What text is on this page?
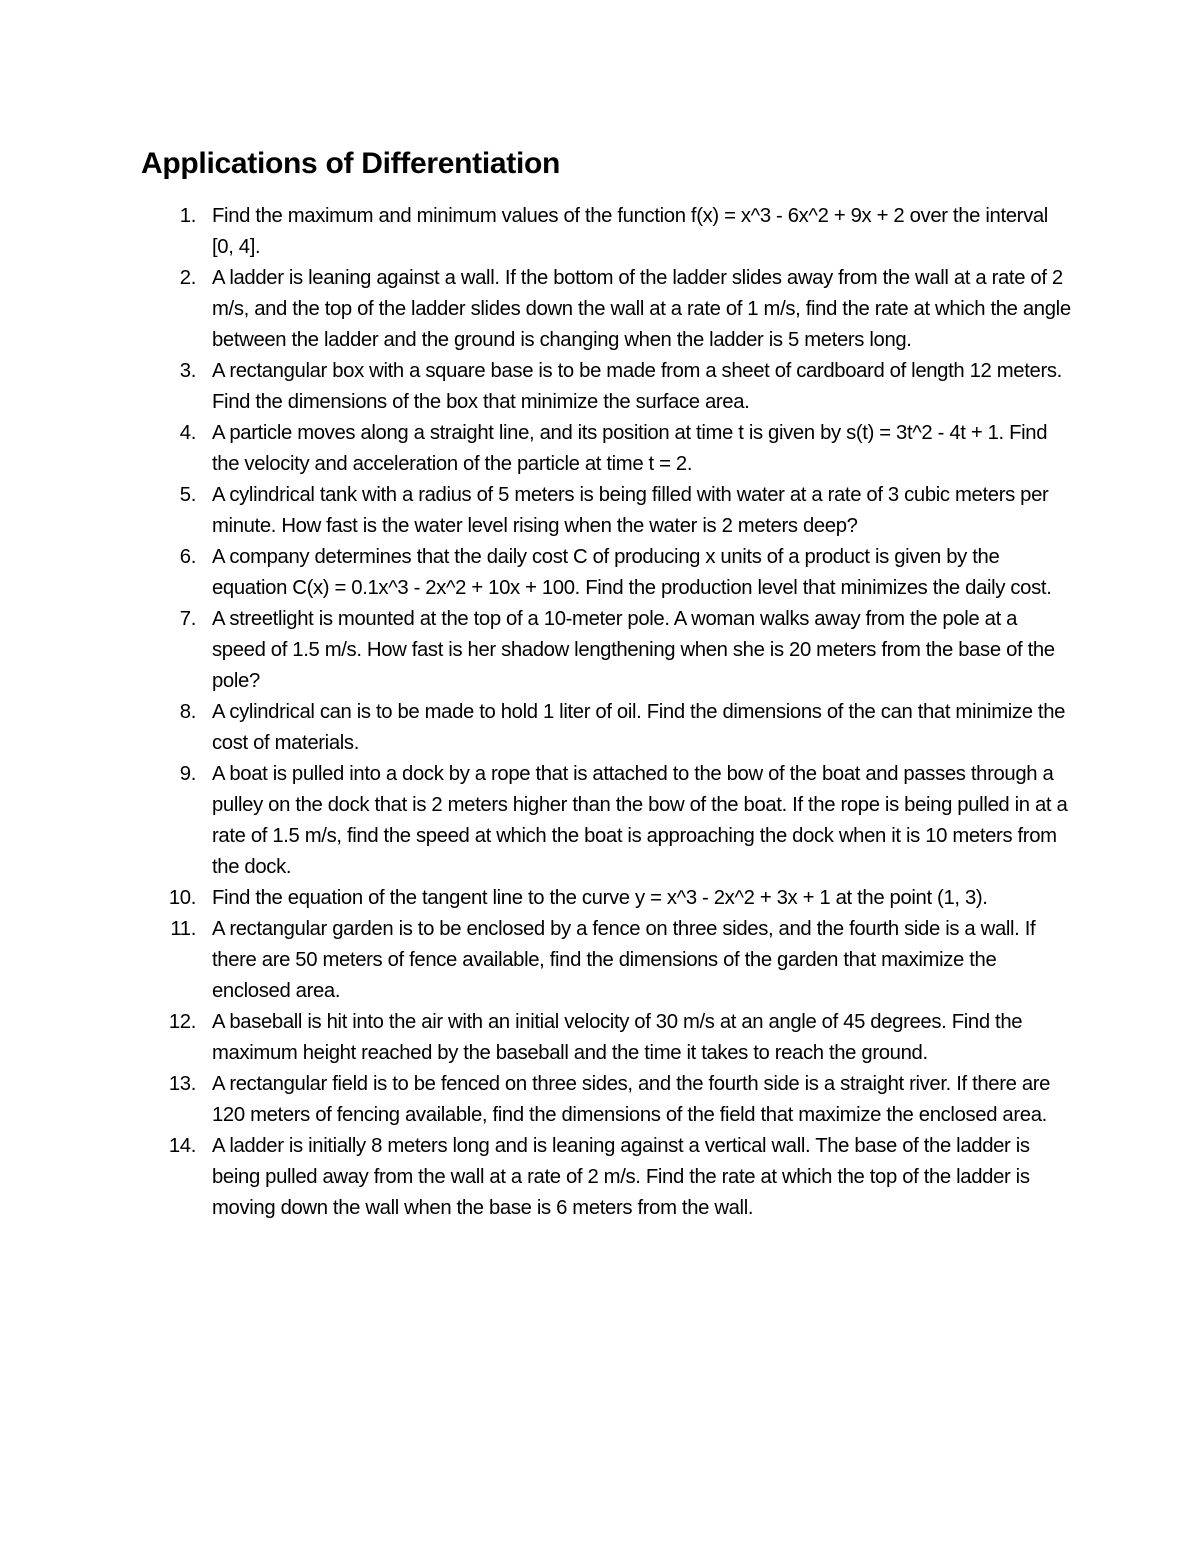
Applications of Differentiation
1. Find the maximum and minimum values of the function f(x) = x^3 - 6x^2 + 9x + 2 over the interval [0, 4].
2. A ladder is leaning against a wall. If the bottom of the ladder slides away from the wall at a rate of 2 m/s, and the top of the ladder slides down the wall at a rate of 1 m/s, find the rate at which the angle between the ladder and the ground is changing when the ladder is 5 meters long.
3. A rectangular box with a square base is to be made from a sheet of cardboard of length 12 meters. Find the dimensions of the box that minimize the surface area.
4. A particle moves along a straight line, and its position at time t is given by s(t) = 3t^2 - 4t + 1. Find the velocity and acceleration of the particle at time t = 2.
5. A cylindrical tank with a radius of 5 meters is being filled with water at a rate of 3 cubic meters per minute. How fast is the water level rising when the water is 2 meters deep?
6. A company determines that the daily cost C of producing x units of a product is given by the equation C(x) = 0.1x^3 - 2x^2 + 10x + 100. Find the production level that minimizes the daily cost.
7. A streetlight is mounted at the top of a 10-meter pole. A woman walks away from the pole at a speed of 1.5 m/s. How fast is her shadow lengthening when she is 20 meters from the base of the pole?
8. A cylindrical can is to be made to hold 1 liter of oil. Find the dimensions of the can that minimize the cost of materials.
9. A boat is pulled into a dock by a rope that is attached to the bow of the boat and passes through a pulley on the dock that is 2 meters higher than the bow of the boat. If the rope is being pulled in at a rate of 1.5 m/s, find the speed at which the boat is approaching the dock when it is 10 meters from the dock.
10. Find the equation of the tangent line to the curve y = x^3 - 2x^2 + 3x + 1 at the point (1, 3).
11. A rectangular garden is to be enclosed by a fence on three sides, and the fourth side is a wall. If there are 50 meters of fence available, find the dimensions of the garden that maximize the enclosed area.
12. A baseball is hit into the air with an initial velocity of 30 m/s at an angle of 45 degrees. Find the maximum height reached by the baseball and the time it takes to reach the ground.
13. A rectangular field is to be fenced on three sides, and the fourth side is a straight river. If there are 120 meters of fencing available, find the dimensions of the field that maximize the enclosed area.
14. A ladder is initially 8 meters long and is leaning against a vertical wall. The base of the ladder is being pulled away from the wall at a rate of 2 m/s. Find the rate at which the top of the ladder is moving down the wall when the base is 6 meters from the wall.
